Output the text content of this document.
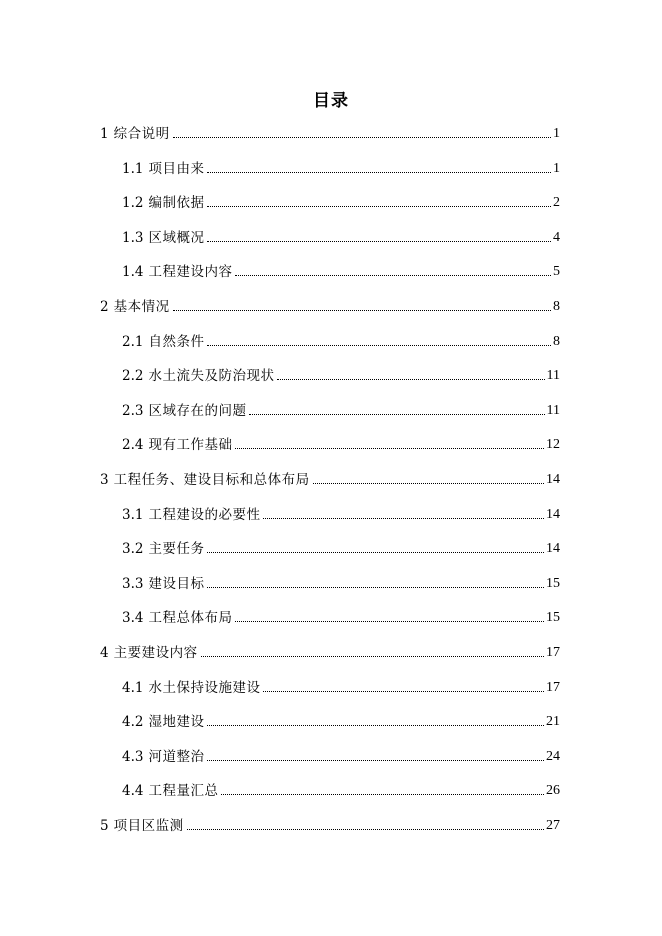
目录
1 综合说明	1
1.1 项目由来	1
1.2 编制依据	2
1.3 区域概况	4
1.4 工程建设内容	5
2 基本情况	8
2.1 自然条件	8
2.2 水土流失及防治现状	11
2.3 区域存在的问题	11
2.4 现有工作基础	12
3 工程任务、建设目标和总体布局	14
3.1 工程建设的必要性	14
3.2 主要任务	14
3.3 建设目标	15
3.4 工程总体布局	15
4 主要建设内容	17
4.1 水土保持设施建设	17
4.2 湿地建设	21
4.3 河道整治	24
4.4 工程量汇总	26
5 项目区监测	27
